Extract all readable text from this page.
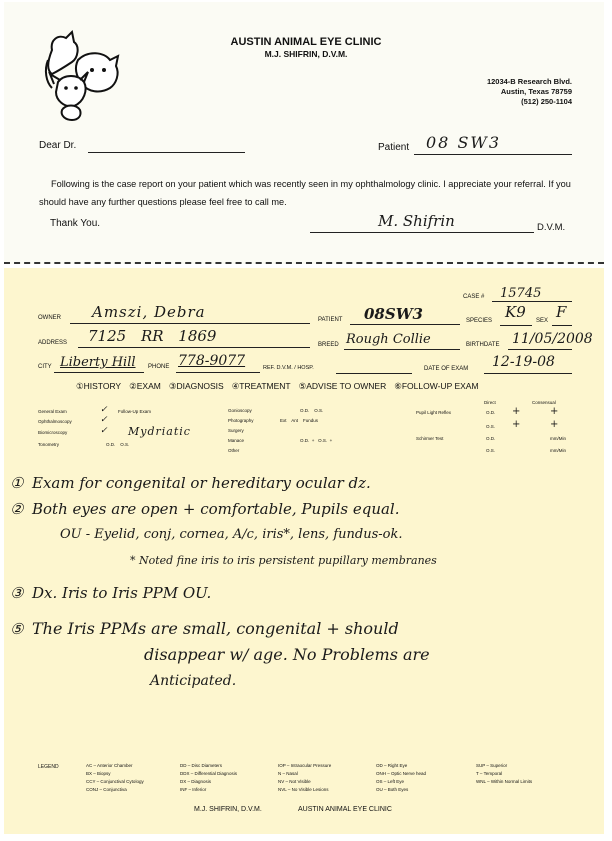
AUSTIN ANIMAL EYE CLINIC
M.J. SHIFRIN, D.V.M.
12034-B Research Blvd.
Austin, Texas 78759
(512) 250-1104
Dear Dr.	Patient 08 SW3
Following is the case report on your patient which was recently seen in my ophthalmology clinic. I appreciate your referral. If you should have any further questions please feel free to call me.
Thank You.	M. Shifrin	D.V.M.
CASE # 15745
OWNER Amszi, Debra	PATIENT 08SW3	SPECIES K9 SEX F
ADDRESS 7125 RR 1869	BREED Rough Collie	BIRTHDATE 11/05/2008
CITY Liberty Hill PHONE 778-9077	REF. D.V.M. / HOSP.	DATE OF EXAM 12-19-08
①HISTORY ②EXAM ③DIAGNOSIS ④TREATMENT ⑤ADVISE TO OWNER ⑥FOLLOW-UP EXAM
General Exam	✓ Follow-Up Exam
Ophthalmoscopy	✓
Biomicroscopy	✓ Mydriatic
Tonometry	O.D.    O.S.
Gonioscopy	O.D.    O.S.
Photography	Ext    Ant    Fundus
Surgery
Manace	O.D.  +   O.S.  +
Other
Direct	Consensual
Pupil Light Reflex	O.D. +	+
O.S. +	+
Schirmer Test	O.D.	mm/Min
O.S.	mm/Min
① Exam for congenital or hereditary ocular dz.
② Both eyes are open + comfortable, Pupils equal.
OU - Eyelid, conj, cornea, A/c, iris*, lens, fundus-ok.
* Noted fine iris to iris persistent pupillary membranes
③ Dx. Iris to Iris PPM OU.
⑤ The Iris PPMs are small, congenital + should
disappear w/ age. No Problems are
Anticipated.
LEGEND	AC – Anterior Chamber
BX – Biopsy
CCY – Conjunctival Cytology
CONJ – Conjunctiva
DD – Disc Diameters
DDX – Differential Diagnosis
DX – Diagnosis
INF – Inferior
IOP – Intraocular Pressure
N – Nasal
NV – Not Visible
NVL – No Visible Lesions
OD – Right Eye
ONH – Optic Nerve head
OS – Left Eye
OU – Both Eyes
SUP – Superior
T – Temporal
WNL – Within Normal Limits
M.J. SHIFRIN, D.V.M.	AUSTIN ANIMAL EYE CLINIC
